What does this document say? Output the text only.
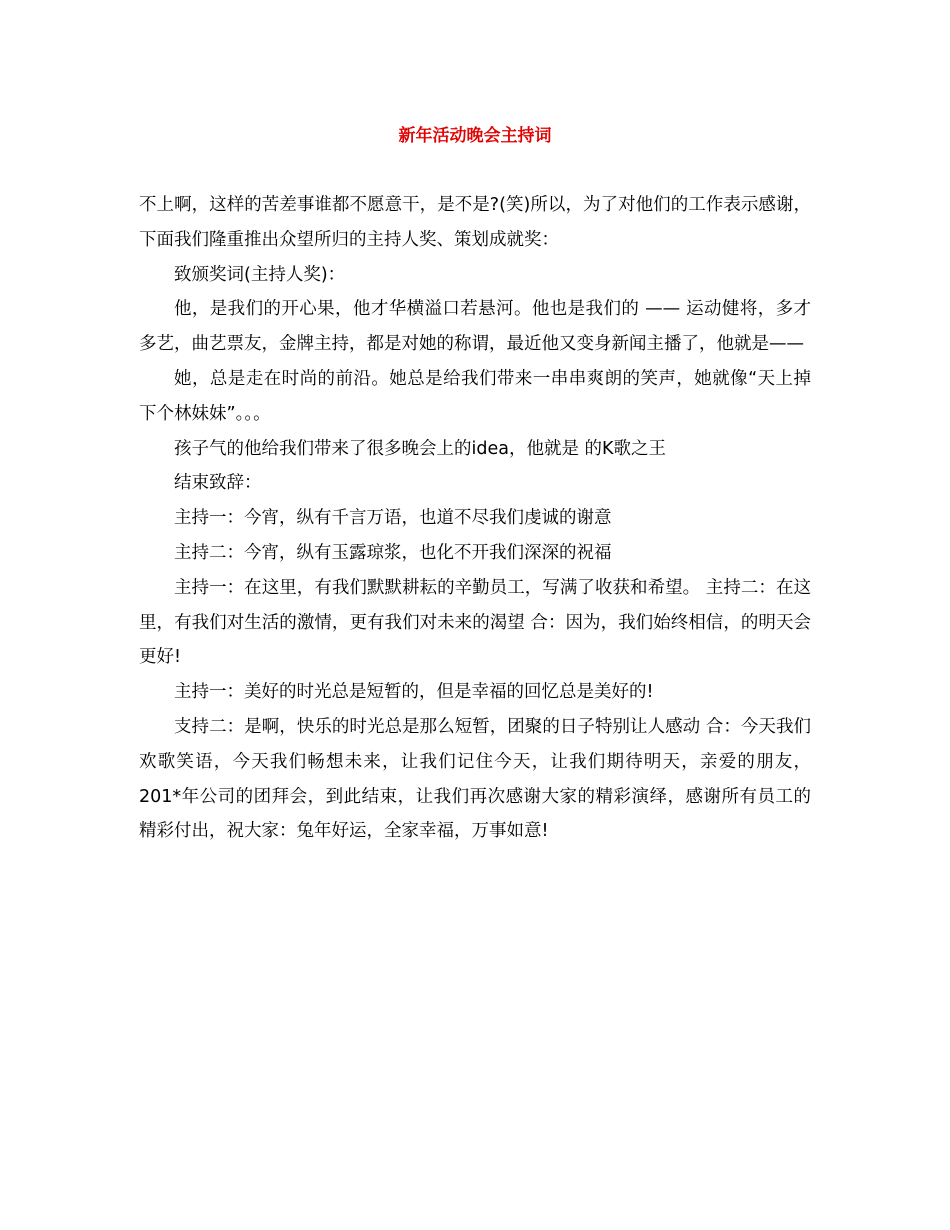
新年活动晚会主持词

不上啊，这样的苦差事谁都不愿意干，是不是?(笑)所以，为了对他们的工作表示感谢，下面我们隆重推出众望所归的主持人奖、策划成就奖：

致颁奖词(主持人奖)：

他，是我们的开心果，他才华横溢口若悬河。他也是我们的 —— 运动健将，多才多艺，曲艺票友，金牌主持，都是对她的称谓，最近他又变身新闻主播了，他就是——

她，总是走在时尚的前沿。她总是给我们带来一串串爽朗的笑声，她就像“天上掉下个林妹妹”。。。

孩子气的他给我们带来了很多晚会上的idea，他就是 的K歌之王

结束致辞：

主持一：今宵，纵有千言万语，也道不尽我们虔诚的谢意

主持二：今宵，纵有玉露琼浆，也化不开我们深深的祝福

主持一：在这里，有我们默默耕耘的辛勤员工，写满了收获和希望。 主持二：在这里，有我们对生活的激情，更有我们对未来的渴望 合：因为，我们始终相信，的明天会更好!

主持一：美好的时光总是短暂的，但是幸福的回忆总是美好的!

支持二：是啊，快乐的时光总是那么短暂，团聚的日子特别让人感动 合：今天我们欢歌笑语，今天我们畅想未来，让我们记住今天，让我们期待明天，亲爱的朋友，201*年公司的团拜会，到此结束，让我们再次感谢大家的精彩演绎，感谢所有员工的精彩付出，祝大家：兔年好运，全家幸福，万事如意!
